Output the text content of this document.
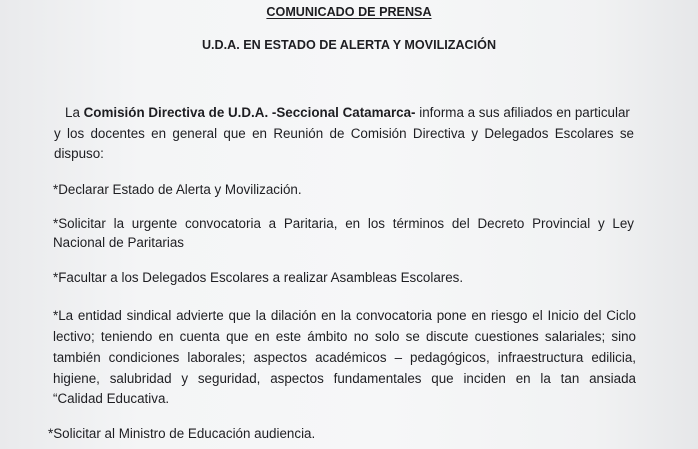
COMUNICADO DE PRENSA
U.D.A. EN ESTADO DE ALERTA Y MOVILIZACIÓN
La Comisión Directiva de U.D.A. -Seccional Catamarca- informa a sus afiliados en particular
y los docentes en general que en Reunión de Comisión Directiva y Delegados Escolares se
dispuso:
*Declarar Estado de Alerta y Movilización.
*Solicitar la urgente convocatoria a Paritaria, en los términos del Decreto Provincial y Ley
Nacional de Paritarias
*Facultar a los Delegados Escolares a realizar Asambleas Escolares.
*La entidad sindical advierte que la dilación en la convocatoria pone en riesgo el Inicio del Ciclo
lectivo; teniendo en cuenta que en este ámbito no solo se discute cuestiones salariales; sino
también condiciones laborales; aspectos académicos – pedagógicos, infraestructura edilicia,
higiene, salubridad y seguridad, aspectos fundamentales que inciden en la tan ansiada
“Calidad Educativa.
*Solicitar al Ministro de Educación audiencia.
